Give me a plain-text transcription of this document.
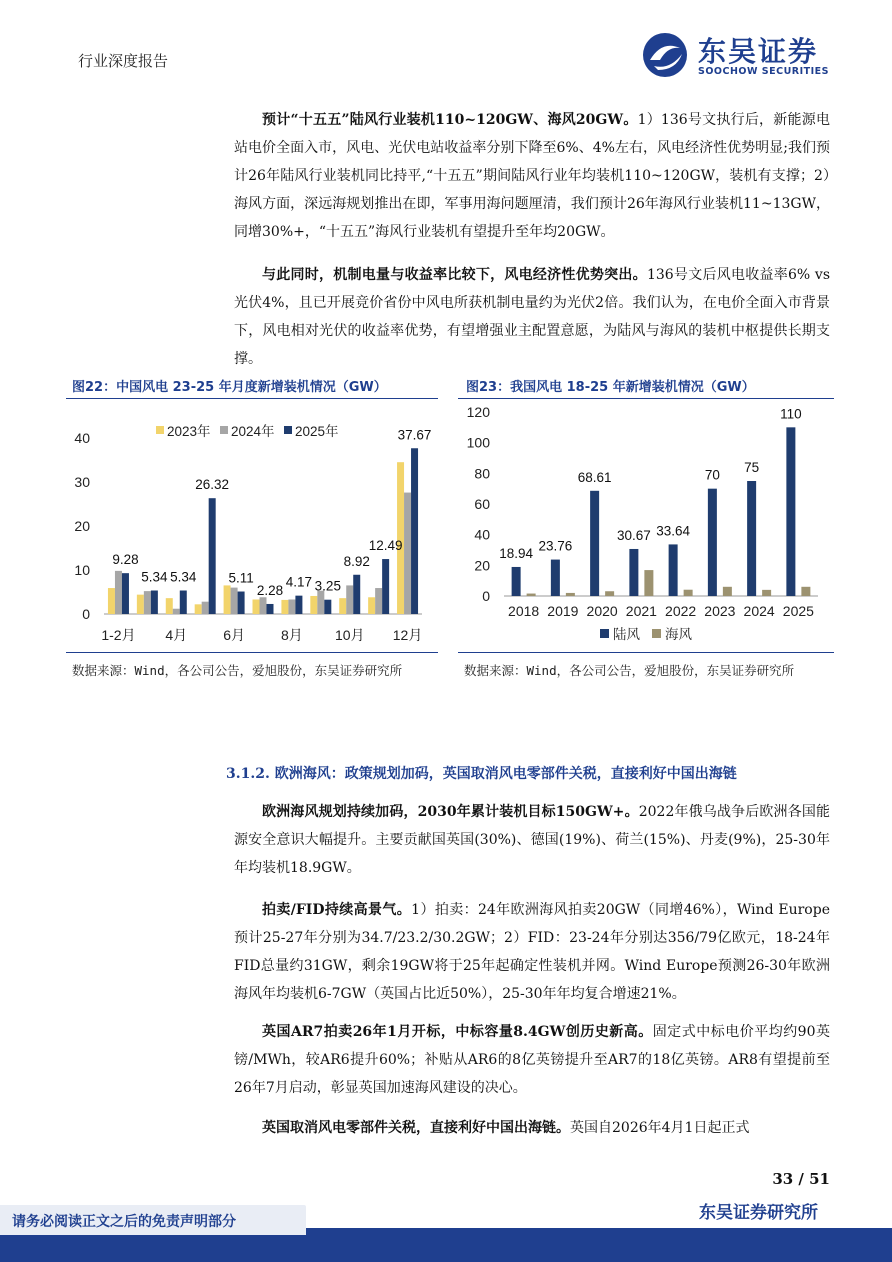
行业深度报告	东吴证券
SOOCHOW SECURITIES
预计“十五五”陆风行业装机110~120GW、海风20GW。1）136号文执行后，新能源电站电价全面入市，风电、光伏电站收益率分别下降至6%、4%左右，风电经济性优势明显;我们预计26年陆风行业装机同比持平,“十五五”期间陆风行业年均装机110~120GW，装机有支撑；2）海风方面，深远海规划推出在即，军事用海问题厘清，我们预计26年海风行业装机11~13GW，同增30%+，“十五五”海风行业装机有望提升至年均20GW。
与此同时，机制电量与收益率比较下，风电经济性优势突出。136号文后风电收益率6% vs 光伏4%，且已开展竞价省份中风电所获机制电量约为光伏2倍。我们认为，在电价全面入市背景下，风电相对光伏的收益率优势，有望增强业主配置意愿，为陆风与海风的装机中枢提供长期支撑。
图22：中国风电 23-25 年月度新增装机情况（GW）
0
10
20
30
40
9.28
5.34 5.34
26.32
5.11
2.28
4.17 3.25
8.92
12.49
37.67
1-2月 4月	6月	8月 10月 12月
2023年 2024年 2025年
数据来源：Wind，各公司公告，爱旭股份，东吴证券研究所
图23：我国风电 18-25 年新增装机情况（GW）
0
20
40
60
80
100
120
18.94 23.76
68.61
30.67 33.64
70
75
110
2018 2019 2020 2021 2022 2023 2024 2025
陆风 海风
数据来源：Wind，各公司公告，爱旭股份，东吴证券研究所
3.1.2. 欧洲海风：政策规划加码，英国取消风电零部件关税，直接利好中国出海链
欧洲海风规划持续加码，2030年累计装机目标150GW+。2022年俄乌战争后欧洲各国能源安全意识大幅提升。主要贡献国英国(30%)、德国(19%)、荷兰(15%)、丹麦(9%)，25-30年年均装机18.9GW。
拍卖/FID持续高景气。1）拍卖：24年欧洲海风拍卖20GW（同增46%），Wind Europe预计25-27年分别为34.7/23.2/30.2GW；2）FID：23-24年分别达356/79亿欧元，18-24年FID总量约31GW，剩余19GW将于25年起确定性装机并网。Wind Europe预测26-30年欧洲海风年均装机6-7GW（英国占比近50%），25-30年年均复合增速21%。
英国AR7拍卖26年1月开标，中标容量8.4GW创历史新高。固定式中标电价平均约90英镑/MWh，较AR6提升60%；补贴从AR6的8亿英镑提升至AR7的18亿英镑。AR8有望提前至26年7月启动，彰显英国加速海风建设的决心。
英国取消风电零部件关税，直接利好中国出海链。英国自2026年4月1日起正式
33 / 51
请务必阅读正文之后的免责声明部分	东吴证券研究所
